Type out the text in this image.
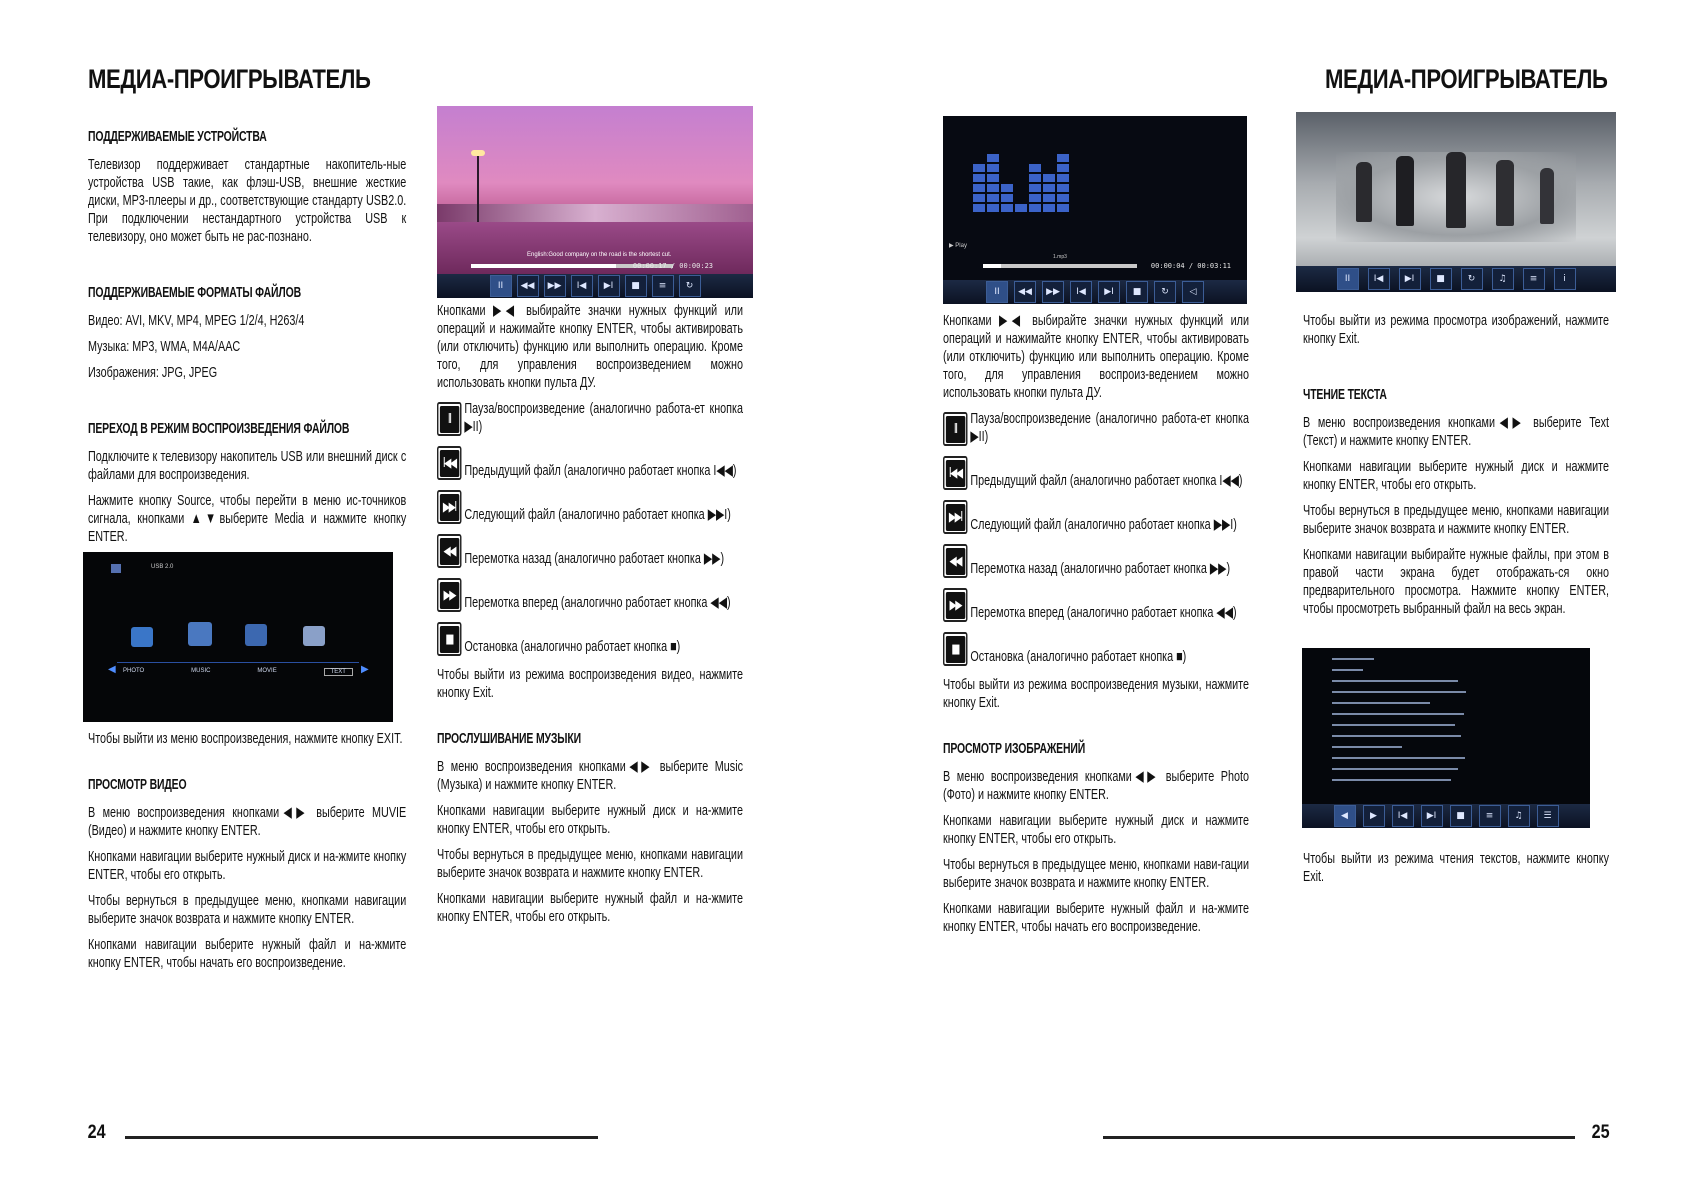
МЕДИА-ПРОИГРЫВАТЕЛЬ
ПОДДЕРЖИВАЕМЫЕ УСТРОЙСТВА
Телевизор поддерживает стандартные накопитель-ные устройства USB такие, как флэш-USB, внешние жесткие диски, MP3-плееры и др., соответствующие стандарту USB2.0. При подключении нестандартного устройства USB к телевизору, оно может быть не рас-познано.
ПОДДЕРЖИВАЕМЫЕ ФОРМАТЫ ФАЙЛОВ
Видео: AVI, MKV, MP4, MPEG 1/2/4, H263/4
Музыка: MP3, WMA, M4A/AAC
Изображения: JPG, JPEG
ПЕРЕХОД В РЕЖИМ ВОСПРОИЗВЕДЕНИЯ ФАЙЛОВ
Подключите к телевизору накопитель USB или внешний диск с файлами для воспроизведения.
Нажмите кнопку Source, чтобы перейти в меню ис-точников сигнала, кнопками ▲▼выберите Media и нажмите кнопку ENTER.
USB 2.0
◀	▶
PHOTO	MUSIC	MOVIE	TEXT
Чтобы выйти из меню воспроизведения, нажмите кнопку EXIT.
ПРОСМОТР ВИДЕО
В меню воспроизведения кнопками◀▶ выберите MUVIE (Видео) и нажмите кнопку ENTER.
Кнопками навигации выберите нужный диск и на-жмите кнопку ENTER, чтобы его открыть.
Чтобы вернуться в предыдущее меню, кнопками навигации выберите значок возврата и нажмите кнопку ENTER.
Кнопками навигации выберите нужный файл и на-жмите кнопку ENTER, чтобы начать его воспроизведение.
English:Good company on the road is the shortest cut.
00:00:17 / 00:00:23
II	◀◀	▶▶	I◀	▶I	■	≡	↻
Кнопками ▶◀ выбирайте значки нужных функций или операций и нажимайте кнопку ENTER, чтобы активировать (или отключить) функцию или выполнить операцию. Кроме того, для управления воспроизведением можно использовать кнопки пульта ДУ.
II
Пауза/воспроизведение (аналогично работа-ет кнопка ▶II)
I◀◀ Предыдущий файл (аналогично работает кнопка I◀◀)
▶▶I Следующий файл (аналогично работает кнопка ▶▶I)
◀◀ Перемотка назад (аналогично работает кнопка ▶▶)
▶▶ Перемотка вперед (аналогично работает кнопка ◀◀)
■ Остановка (аналогично работает кнопка ■)
Чтобы выйти из режима воспроизведения видео, нажмите кнопку Exit.
ПРОСЛУШИВАНИЕ МУЗЫКИ
В меню воспроизведения кнопками◀▶ выберите Music (Музыка) и нажмите кнопку ENTER.
Кнопками навигации выберите нужный диск и на-жмите кнопку ENTER, чтобы его открыть.
Чтобы вернуться в предыдущее меню, кнопками навигации выберите значок возврата и нажмите кнопку ENTER.
Кнопками навигации выберите нужный файл и на-жмите кнопку ENTER, чтобы его открыть.
24
МЕДИА-ПРОИГРЫВАТЕЛЬ
▶ Play
1.mp3
00:00:04 / 00:03:11
II	◀◀	▶▶	I◀	▶I	■	↻	◁
Кнопками ▶◀ выбирайте значки нужных функций или операций и нажимайте кнопку ENTER, чтобы активировать (или отключить) функцию или выполнить операцию. Кроме того, для управления воспроиз-ведением можно использовать кнопки пульта ДУ.
II
Пауза/воспроизведение (аналогично работа-ет кнопка ▶II)
I◀◀ Предыдущий файл (аналогично работает кнопка I◀◀)
▶▶I Следующий файл (аналогично работает кнопка ▶▶I)
◀◀ Перемотка назад (аналогично работает кнопка ▶▶)
▶▶ Перемотка вперед (аналогично работает кнопка ◀◀)
■ Остановка (аналогично работает кнопка ■)
Чтобы выйти из режима воспроизведения музыки, нажмите кнопку Exit.
ПРОСМОТР ИЗОБРАЖЕНИЙ
В меню воспроизведения кнопками◀▶ выберите Photo (Фото) и нажмите кнопку ENTER.
Кнопками навигации выберите нужный диск и нажмите кнопку ENTER, чтобы его открыть.
Чтобы вернуться в предыдущее меню, кнопками нави-гации выберите значок возврата и нажмите кнопку ENTER.
Кнопками навигации выберите нужный файл и на-жмите кнопку ENTER, чтобы начать его воспроизведение.
II	I◀	▶I	■	↻	♫	≡	i
Чтобы выйти из режима просмотра изображений, нажмите кнопку Exit.
ЧТЕНИЕ ТЕКСТА
В меню воспроизведения кнопками◀▶ выберите Text (Текст) и нажмите кнопку ENTER.
Кнопками навигации выберите нужный диск и нажмите кнопку ENTER, чтобы его открыть.
Чтобы вернуться в предыдущее меню, кнопками навигации выберите значок возврата и нажмите кнопку ENTER.
Кнопками навигации выбирайте нужные файлы, при этом в правой части экрана будет отображать-ся окно предварительного просмотра. Нажмите кнопку ENTER, чтобы просмотреть выбранный файл на весь экран.
◀	▶	I◀	▶I	■	≡	♫	☰
Чтобы выйти из режима чтения текстов, нажмите кнопку Exit.
25
